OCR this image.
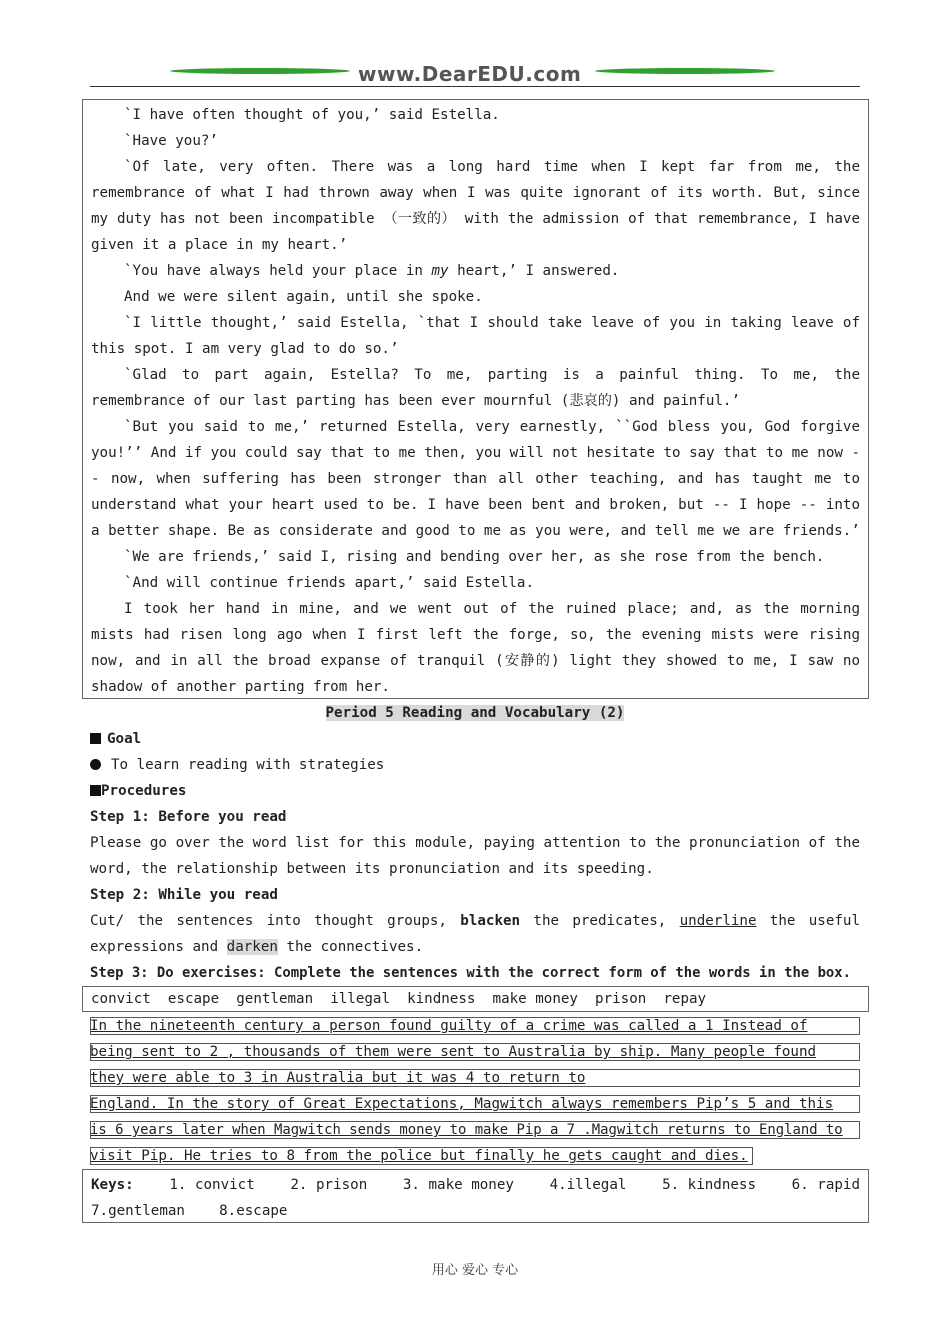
www.DearEDU.com

`I have often thought of you,’ said Estella.

`Have you?’

`Of late, very often. There was a long hard time when I kept far from me, the remembrance of what I had thrown away when I was quite ignorant of its worth. But, since my duty has not been incompatible （一致的） with the admission of that remembrance, I have given it a place in my heart.’

`You have always held your place in my heart,’ I answered.

And we were silent again, until she spoke.

`I little thought,’ said Estella, `that I should take leave of you in taking leave of this spot. I am very glad to do so.’

`Glad to part again, Estella? To me, parting is a painful thing. To me, the remembrance of our last parting has been ever mournful (悲哀的) and painful.’

`But you said to me,’ returned Estella, very earnestly, ``God bless you, God forgive you!’’ And if you could say that to me then, you will not hesitate to say that to me now -- now, when suffering has been stronger than all other teaching, and has taught me to understand what your heart used to be. I have been bent and broken, but -- I hope -- into a better shape. Be as considerate and good to me as you were, and tell me we are friends.’

`We are friends,’ said I, rising and bending over her, as she rose from the bench.

`And will continue friends apart,’ said Estella.

I took her hand in mine, and we went out of the ruined place; and, as the morning mists had risen long ago when I first left the forge, so, the evening mists were rising now, and in all the broad expanse of tranquil (安静的) light they showed to me, I saw no shadow of another parting from her.

Period 5 Reading and Vocabulary (2)

Goal

To learn reading with strategies

Procedures

Step 1: Before you read

Please go over the word list for this module, paying attention to the pronunciation of the word, the relationship between its pronunciation and its speeding.

Step 2: While you read

Cut/ the sentences into thought groups, blacken the predicates, underline the useful expressions and darken the connectives.

Step 3: Do exercises: Complete the sentences with the correct form of the words in the box.

convict escape gentleman illegal kindness make money prison repay

In the nineteenth century a person found guilty of a crime was called a 1 Instead of
being sent to 2 , thousands of them were sent to Australia by ship. Many people found
they were able to 3 in Australia but it was 4 to return to
England. In the story of Great Expectations, Magwitch always remembers Pip’s 5 and this
is 6 years later when Magwitch sends money to make Pip a 7 .Magwitch returns to England to
visit Pip. He tries to 8 from the police but finally he gets caught and dies.
Keys:	1. convict	2. prison	3. make money	4.illegal	5. kindness	6. rapid

7.gentleman    8.escape

用心 爱心 专心
